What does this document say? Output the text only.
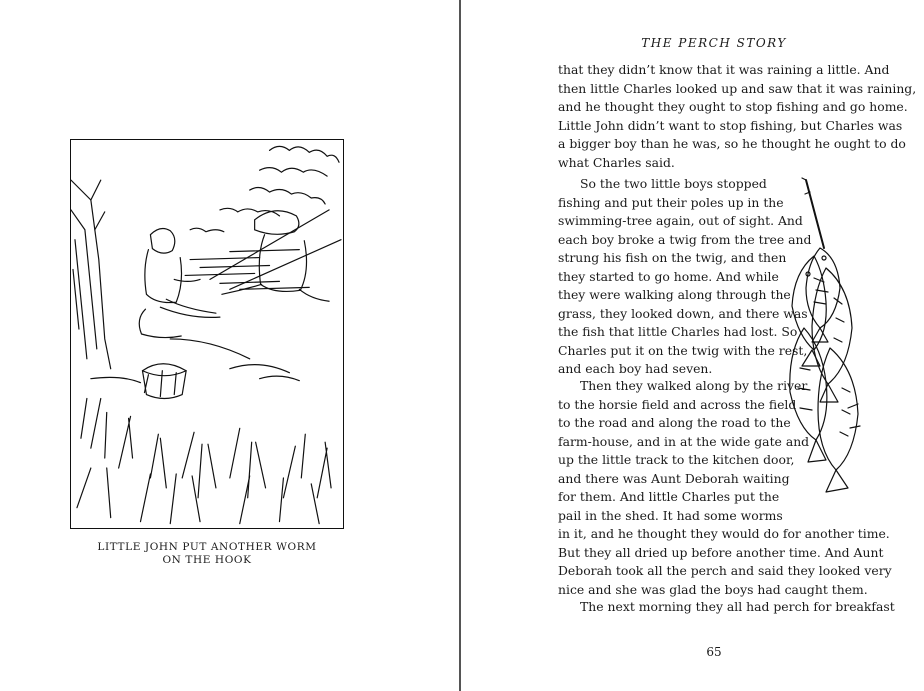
LITTLE JOHN PUT ANOTHER WORM
ON THE HOOK
THE PERCH STORY
that they didn’t know that it was raining a little. And
then little Charles looked up and saw that it was raining,
and he thought they ought to stop fishing and go home.
Little John didn’t want to stop fishing, but Charles was
a bigger boy than he was, so he thought he ought to do
what Charles said.
So the two little boys stopped
fishing and put their poles up in the
swimming-tree again, out of sight. And
each boy broke a twig from the tree and
strung his fish on the twig, and then
they started to go home. And while
they were walking along through the
grass, they looked down, and there was
the fish that little Charles had lost. So
Charles put it on the twig with the rest,
and each boy had seven.
Then they walked along by the river
to the horsie field and across the field
to the road and along the road to the
farm-house, and in at the wide gate and
up the little track to the kitchen door,
and there was Aunt Deborah waiting
for them. And little Charles put the
pail in the shed. It had some worms
in it, and he thought they would do for another time.
But they all dried up before another time. And Aunt
Deborah took all the perch and said they looked very
nice and she was glad the boys had caught them.
The next morning they all had perch for breakfast
65
